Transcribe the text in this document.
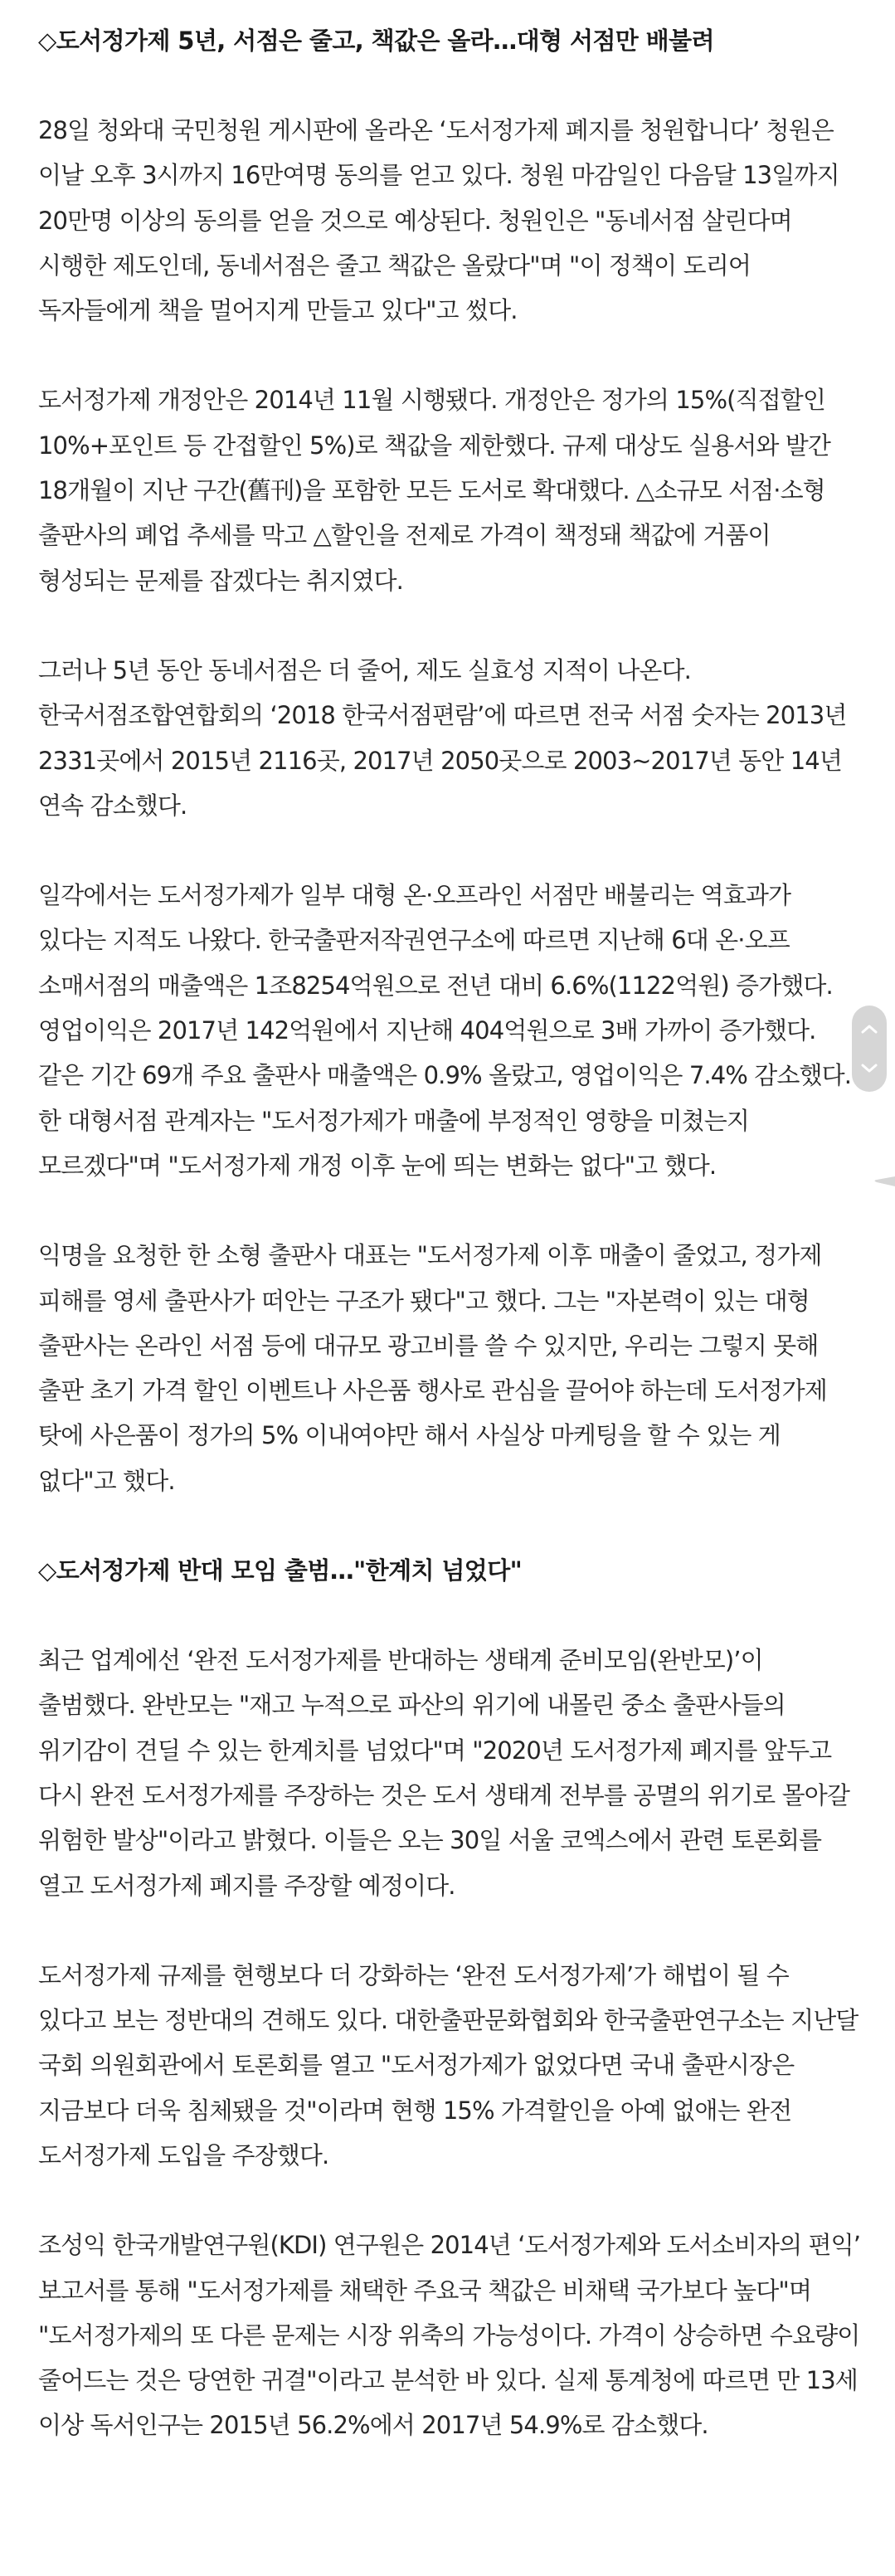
◇도서정가제 5년, 서점은 줄고, 책값은 올라…대형 서점만 배불려

28일 청와대 국민청원 게시판에 올라온 ‘도서정가제 폐지를 청원합니다’ 청원은 이날 오후 3시까지 16만여명 동의를 얻고 있다. 청원 마감일인 다음달 13일까지 20만명 이상의 동의를 얻을 것으로 예상된다. 청원인은 "동네서점 살린다며 시행한 제도인데, 동네서점은 줄고 책값은 올랐다"며 "이 정책이 도리어 독자들에게 책을 멀어지게 만들고 있다"고 썼다.

도서정가제 개정안은 2014년 11월 시행됐다. 개정안은 정가의 15%(직접할인 10%+포인트 등 간접할인 5%)로 책값을 제한했다. 규제 대상도 실용서와 발간 18개월이 지난 구간(舊刊)을 포함한 모든 도서로 확대했다. △소규모 서점·소형 출판사의 폐업 추세를 막고 △할인을 전제로 가격이 책정돼 책값에 거품이 형성되는 문제를 잡겠다는 취지였다.

그러나 5년 동안 동네서점은 더 줄어, 제도 실효성 지적이 나온다. 한국서점조합연합회의 ‘2018 한국서점편람’에 따르면 전국 서점 숫자는 2013년 2331곳에서 2015년 2116곳, 2017년 2050곳으로 2003~2017년 동안 14년 연속 감소했다.

일각에서는 도서정가제가 일부 대형 온·오프라인 서점만 배불리는 역효과가 있다는 지적도 나왔다. 한국출판저작권연구소에 따르면 지난해 6대 온·오프 소매서점의 매출액은 1조8254억원으로 전년 대비 6.6%(1122억원) 증가했다. 영업이익은 2017년 142억원에서 지난해 404억원으로 3배 가까이 증가했다. 같은 기간 69개 주요 출판사 매출액은 0.9% 올랐고, 영업이익은 7.4% 감소했다. 한 대형서점 관계자는 "도서정가제가 매출에 부정적인 영향을 미쳤는지 모르겠다"며 "도서정가제 개정 이후 눈에 띄는 변화는 없다"고 했다.

익명을 요청한 한 소형 출판사 대표는 "도서정가제 이후 매출이 줄었고, 정가제 피해를 영세 출판사가 떠안는 구조가 됐다"고 했다. 그는 "자본력이 있는 대형 출판사는 온라인 서점 등에 대규모 광고비를 쓸 수 있지만, 우리는 그렇지 못해 출판 초기 가격 할인 이벤트나 사은품 행사로 관심을 끌어야 하는데 도서정가제 탓에 사은품이 정가의 5% 이내여야만 해서 사실상 마케팅을 할 수 있는 게 없다"고 했다.

◇도서정가제 반대 모임 출범…"한계치 넘었다"

최근 업계에선 ‘완전 도서정가제를 반대하는 생태계 준비모임(완반모)’이 출범했다. 완반모는 "재고 누적으로 파산의 위기에 내몰린 중소 출판사들의 위기감이 견딜 수 있는 한계치를 넘었다"며 "2020년 도서정가제 폐지를 앞두고 다시 완전 도서정가제를 주장하는 것은 도서 생태계 전부를 공멸의 위기로 몰아갈 위험한 발상"이라고 밝혔다. 이들은 오는 30일 서울 코엑스에서 관련 토론회를 열고 도서정가제 폐지를 주장할 예정이다.

도서정가제 규제를 현행보다 더 강화하는 ‘완전 도서정가제’가 해법이 될 수 있다고 보는 정반대의 견해도 있다. 대한출판문화협회와 한국출판연구소는 지난달 국회 의원회관에서 토론회를 열고 "도서정가제가 없었다면 국내 출판시장은 지금보다 더욱 침체됐을 것"이라며 현행 15% 가격할인을 아예 없애는 완전 도서정가제 도입을 주장했다.

조성익 한국개발연구원(KDI) 연구원은 2014년 ‘도서정가제와 도서소비자의 편익’ 보고서를 통해 "도서정가제를 채택한 주요국 책값은 비채택 국가보다 높다"며 "도서정가제의 또 다른 문제는 시장 위축의 가능성이다. 가격이 상승하면 수요량이 줄어드는 것은 당연한 귀결"이라고 분석한 바 있다. 실제 통계청에 따르면 만 13세 이상 독서인구는 2015년 56.2%에서 2017년 54.9%로 감소했다.
